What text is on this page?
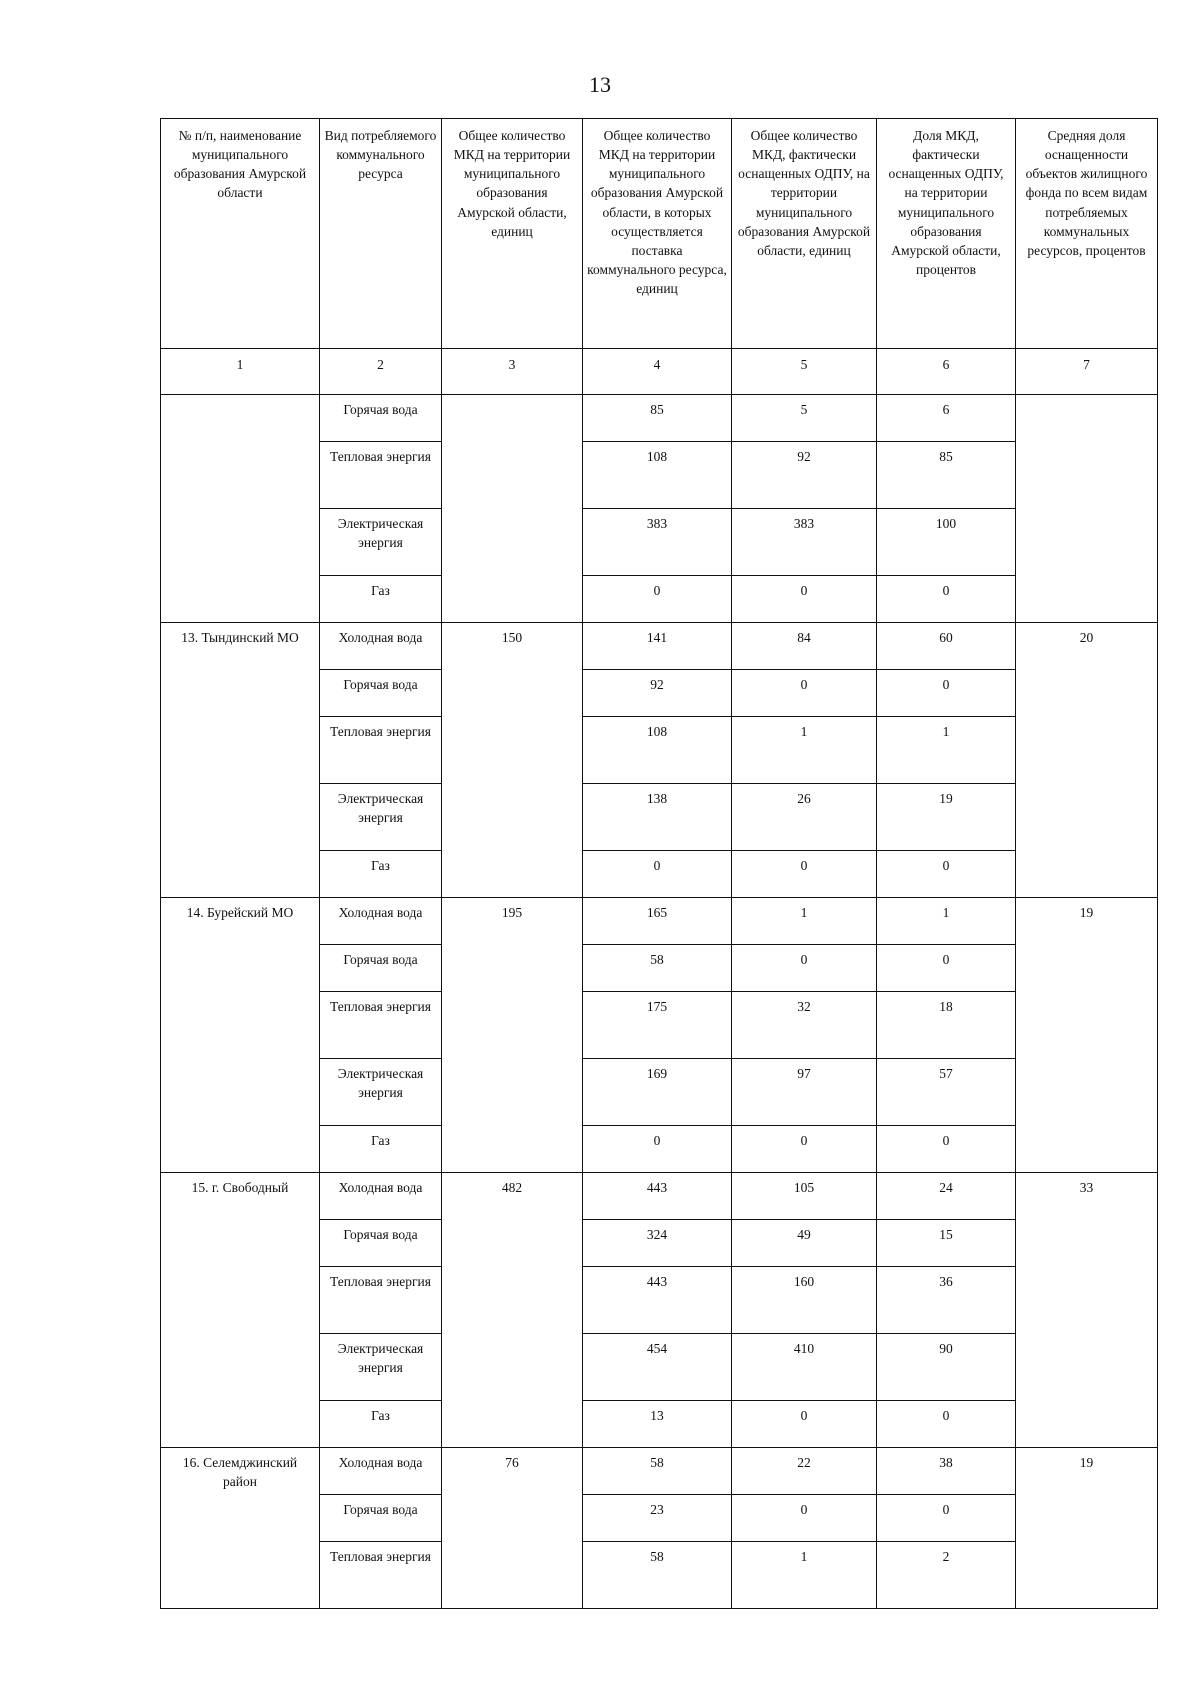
13
№ п/п, наименование муниципального образования Амурской области	Вид потребляемого коммунального ресурса	Общее количество МКД на территории муниципального образования Амурской области, единиц	Общее количество МКД на территории муниципального образования Амурской области, в которых осуществляется поставка коммунального ресурса, единиц	Общее количество МКД, фактически оснащенных ОДПУ, на территории муниципального образования Амурской области, единиц	Доля МКД, фактически оснащенных ОДПУ, на территории муниципального образования Амурской области, процентов	Средняя доля оснащенности объектов жилищного фонда по всем видам потребляемых коммунальных ресурсов, процентов
1	2	3	4	5	6	7
	Горячая вода		85	5	6	
	Тепловая энергия		108	92	85	
	Электрическая энергия		383	383	100	
	Газ		0	0	0	
13. Тындинский МО	Холодная вода	150	141	84	60	20
	Горячая вода		92	0	0	
	Тепловая энергия		108	1	1	
	Электрическая энергия		138	26	19	
	Газ		0	0	0	
14. Бурейский МО	Холодная вода	195	165	1	1	19
	Горячая вода		58	0	0	
	Тепловая энергия		175	32	18	
	Электрическая энергия		169	97	57	
	Газ		0	0	0	
15. г. Свободный	Холодная вода	482	443	105	24	33
	Горячая вода		324	49	15	
	Тепловая энергия		443	160	36	
	Электрическая энергия		454	410	90	
	Газ		13	0	0	
16. Селемджинский район	Холодная вода	76	58	22	38	19
	Горячая вода		23	0	0	
	Тепловая энергия		58	1	2	
